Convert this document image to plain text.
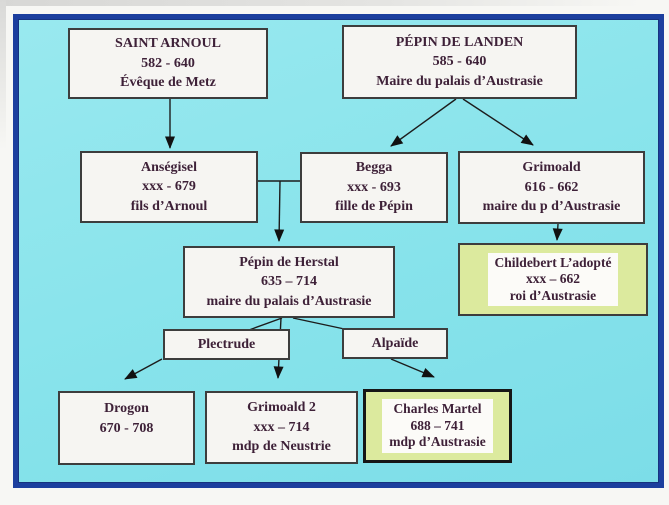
SAINT ARNOUL
582 - 640
Évêque de Metz
PÉPIN DE LANDEN
585 - 640
Maire du palais d’Austrasie
Anségisel
xxx - 679
fils d’Arnoul
Begga
xxx - 693
fille de Pépin
Grimoald
616 - 662
maire du p d’Austrasie
Childebert L’adopté
xxx – 662
roi d’Austrasie
Pépin de Herstal
635 – 714
maire du palais d’Austrasie
Plectrude	Alpaïde
Drogon
670 - 708
Grimoald 2
xxx – 714
mdp de Neustrie
Charles Martel
688 – 741
mdp d’Austrasie
